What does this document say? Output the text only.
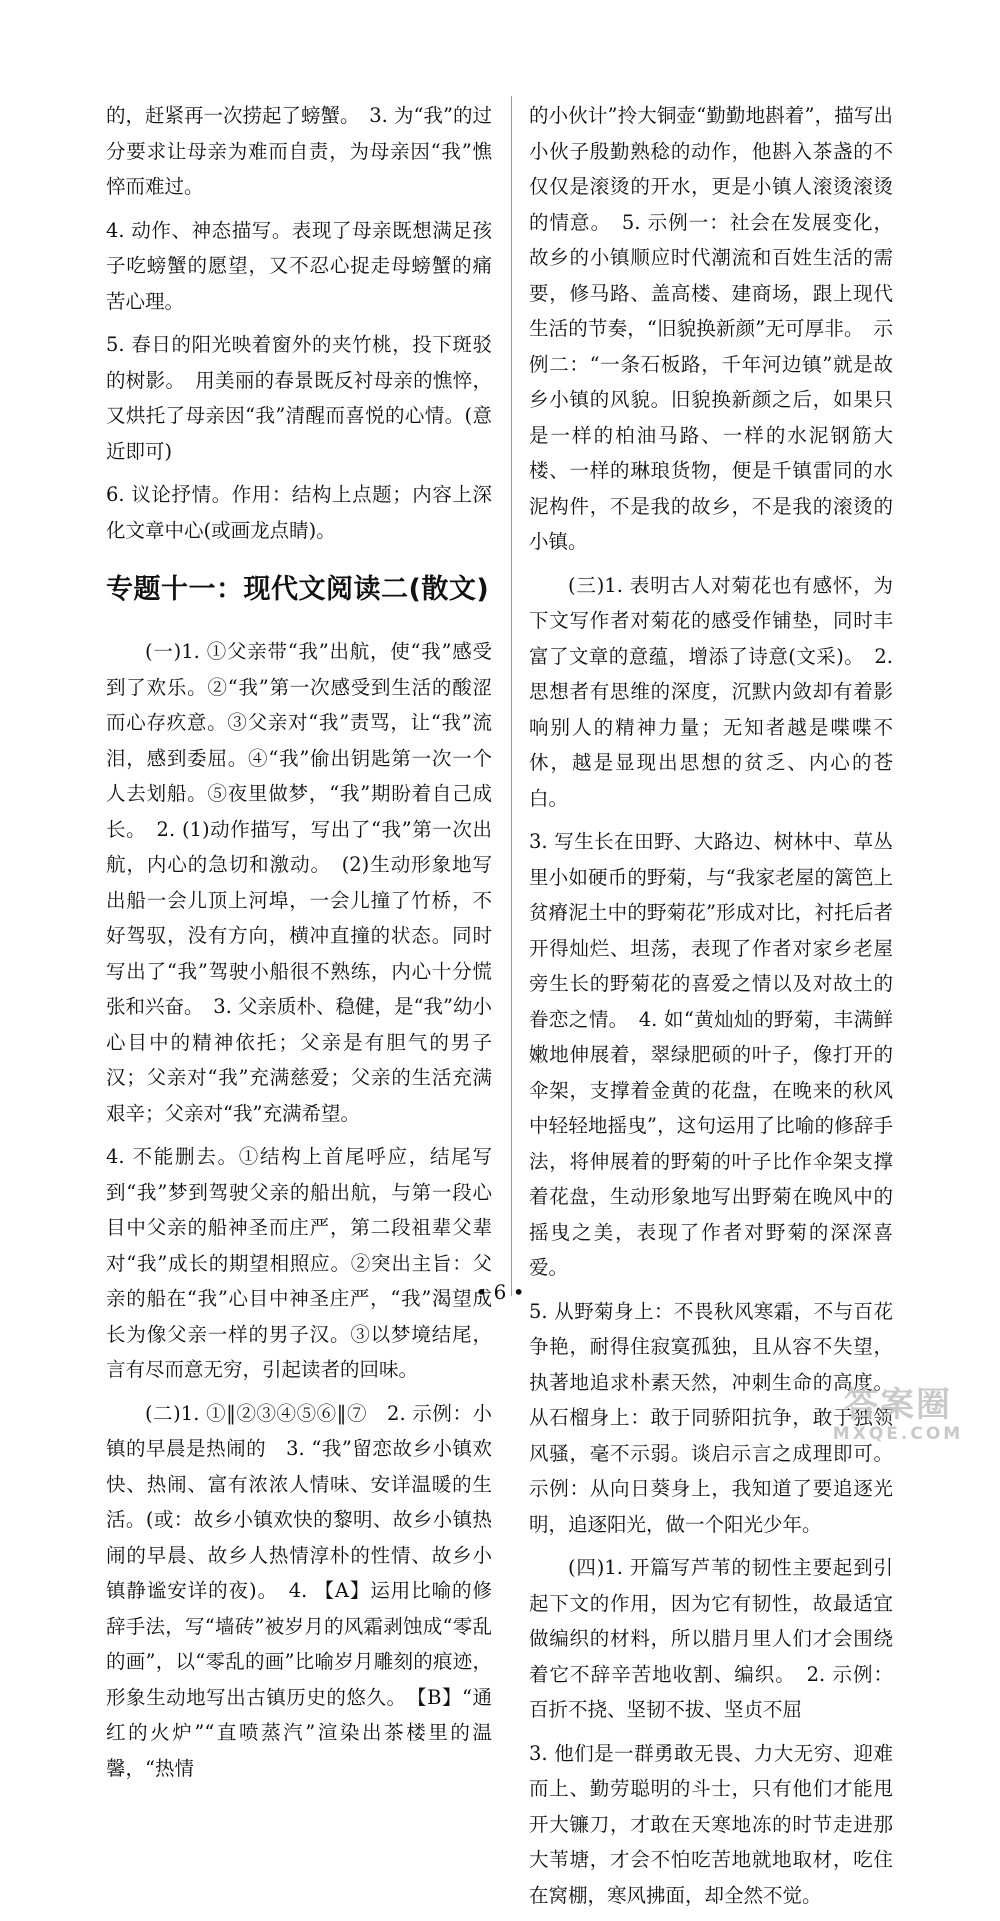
的，赶紧再一次捞起了螃蟹。　3. 为“我”的过分要求让母亲为难而自责，为母亲因“我”憔悴而难过。

4. 动作、神态描写。表现了母亲既想满足孩子吃螃蟹的愿望，又不忍心捉走母螃蟹的痛苦心理。

5. 春日的阳光映着窗外的夹竹桃，投下斑驳的树影。　用美丽的春景既反衬母亲的憔悴，又烘托了母亲因“我”清醒而喜悦的心情。(意近即可)

6. 议论抒情。作用：结构上点题；内容上深化文章中心(或画龙点睛)。

专题十一：现代文阅读二(散文)

(一)1. ①父亲带“我”出航，使“我”感受到了欢乐。②“我”第一次感受到生活的酸涩而心存疚意。③父亲对“我”责骂，让“我”流泪，感到委屈。④“我”偷出钥匙第一次一个人去划船。⑤夜里做梦，“我”期盼着自己成长。　2. (1)动作描写，写出了“我”第一次出航，内心的急切和激动。　(2)生动形象地写出船一会儿顶上河埠，一会儿撞了竹桥，不好驾驭，没有方向，横冲直撞的状态。同时写出了“我”驾驶小船很不熟练，内心十分慌张和兴奋。　3. 父亲质朴、稳健，是“我”幼小心目中的精神依托；父亲是有胆气的男子汉；父亲对“我”充满慈爱；父亲的生活充满艰辛；父亲对“我”充满希望。

4. 不能删去。①结构上首尾呼应，结尾写到“我”梦到驾驶父亲的船出航，与第一段心目中父亲的船神圣而庄严，第二段祖辈父辈对“我”成长的期望相照应。②突出主旨：父亲的船在“我”心目中神圣庄严，“我”渴望成长为像父亲一样的男子汉。③以梦境结尾，言有尽而意无穷，引起读者的回味。

(二)1. ①‖②③④⑤⑥‖⑦　2. 示例：小镇的早晨是热闹的　3. “我”留恋故乡小镇欢快、热闹、富有浓浓人情味、安详温暖的生活。(或：故乡小镇欢快的黎明、故乡小镇热闹的早晨、故乡人热情淳朴的性情、故乡小镇静谧安详的夜)。　4. 【A】运用比喻的修辞手法，写“墙砖”被岁月的风霜剥蚀成“零乱的画”，以“零乱的画”比喻岁月雕刻的痕迹，形象生动地写出古镇历史的悠久。　【B】“通红的火炉”“直喷蒸汽”渲染出茶楼里的温馨，“热情

的小伙计”拎大铜壶“勤勤地斟着”，描写出小伙子殷勤熟稔的动作，他斟入茶盏的不仅仅是滚烫的开水，更是小镇人滚烫滚烫的情意。　5. 示例一：社会在发展变化，故乡的小镇顺应时代潮流和百姓生活的需要，修马路、盖高楼、建商场，跟上现代生活的节奏，“旧貌换新颜”无可厚非。　示例二：“一条石板路，千年河边镇”就是故乡小镇的风貌。旧貌换新颜之后，如果只是一样的柏油马路、一样的水泥钢筋大楼、一样的琳琅货物，便是千镇雷同的水泥构件，不是我的故乡，不是我的滚烫的小镇。

(三)1. 表明古人对菊花也有感怀，为下文写作者对菊花的感受作铺垫，同时丰富了文章的意蕴，增添了诗意(文采)。　2. 思想者有思维的深度，沉默内敛却有着影响别人的精神力量；无知者越是喋喋不休，越是显现出思想的贫乏、内心的苍白。

3. 写生长在田野、大路边、树林中、草丛里小如硬币的野菊，与“我家老屋的篱笆上贫瘠泥土中的野菊花”形成对比，衬托后者开得灿烂、坦荡，表现了作者对家乡老屋旁生长的野菊花的喜爱之情以及对故土的眷恋之情。　4. 如“黄灿灿的野菊，丰满鲜嫩地伸展着，翠绿肥硕的叶子，像打开的伞架，支撑着金黄的花盘，在晚来的秋风中轻轻地摇曳”，这句运用了比喻的修辞手法，将伸展着的野菊的叶子比作伞架支撑着花盘，生动形象地写出野菊在晚风中的摇曳之美，表现了作者对野菊的深深喜爱。

5. 从野菊身上：不畏秋风寒霜，不与百花争艳，耐得住寂寞孤独，且从容不失望，执著地追求朴素天然，冲刺生命的高度。从石榴身上：敢于同骄阳抗争，敢于独领风骚，毫不示弱。谈启示言之成理即可。示例：从向日葵身上，我知道了要追逐光明，追逐阳光，做一个阳光少年。

(四)1. 开篇写芦苇的韧性主要起到引起下文的作用，因为它有韧性，故最适宜做编织的材料，所以腊月里人们才会围绕着它不辞辛苦地收割、编织。　2. 示例：百折不挠、坚韧不拔、坚贞不屈

3. 他们是一群勇敢无畏、力大无穷、迎难而上、勤劳聪明的斗士，只有他们才能甩开大镰刀，才敢在天寒地冻的时节走进那大苇塘，才会不怕吃苦地就地取材，吃住在窝棚，寒风拂面，却全然不觉。

• 6 •
答案圈
MXQE.COM
